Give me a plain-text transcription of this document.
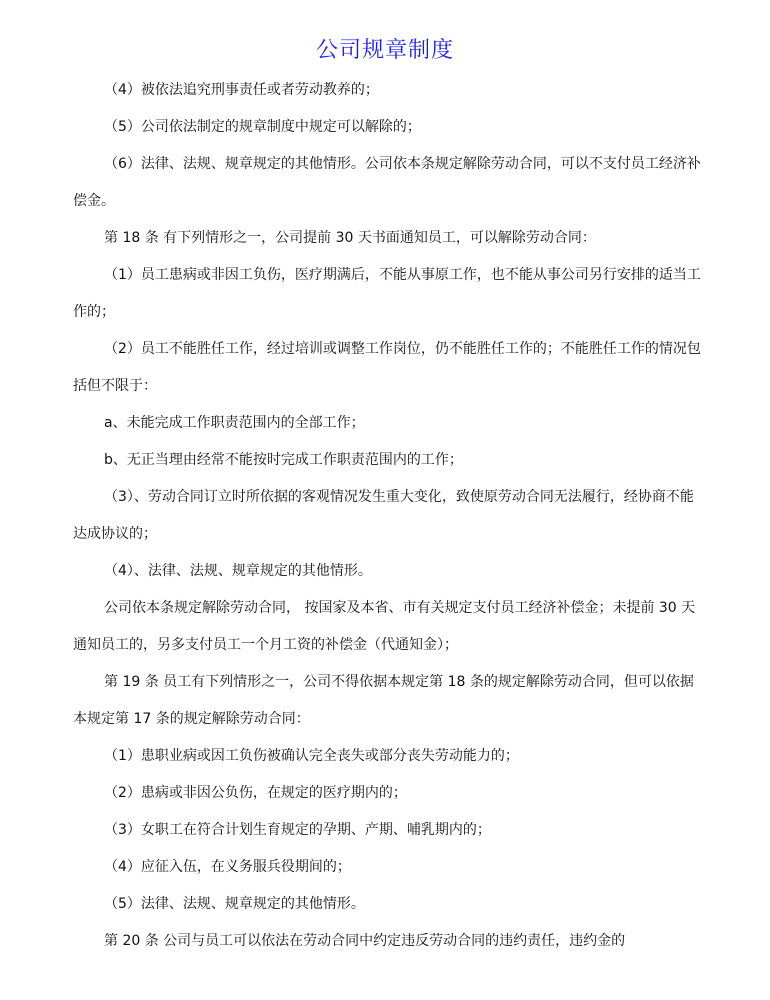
公司规章制度

（4）被依法追究刑事责任或者劳动教养的；

（5）公司依法制定的规章制度中规定可以解除的；

（6）法律、法规、规章规定的其他情形。公司依本条规定解除劳动合同，可以不支付员工经济补偿金。

第 18 条 有下列情形之一，公司提前 30 天书面通知员工，可以解除劳动合同：

（1）员工患病或非因工负伤，医疗期满后，不能从事原工作，也不能从事公司另行安排的适当工作的；

（2）员工不能胜任工作，经过培训或调整工作岗位，仍不能胜任工作的；不能胜任工作的情况包括但不限于：

a、未能完成工作职责范围内的全部工作；

b、无正当理由经常不能按时完成工作职责范围内的工作；

（3）、劳动合同订立时所依据的客观情况发生重大变化，致使原劳动合同无法履行，经协商不能达成协议的；

（4）、法律、法规、规章规定的其他情形。

公司依本条规定解除劳动合同， 按国家及本省、市有关规定支付员工经济补偿金；未提前 30 天通知员工的，另多支付员工一个月工资的补偿金（代通知金）；

第 19 条 员工有下列情形之一，公司不得依据本规定第 18 条的规定解除劳动合同，但可以依据本规定第 17 条的规定解除劳动合同：

（1）患职业病或因工负伤被确认完全丧失或部分丧失劳动能力的；

（2）患病或非因公负伤，在规定的医疗期内的；

（3）女职工在符合计划生育规定的孕期、产期、哺乳期内的；

（4）应征入伍，在义务服兵役期间的；

（5）法律、法规、规章规定的其他情形。

第 20 条 公司与员工可以依法在劳动合同中约定违反劳动合同的违约责任，违约金的
